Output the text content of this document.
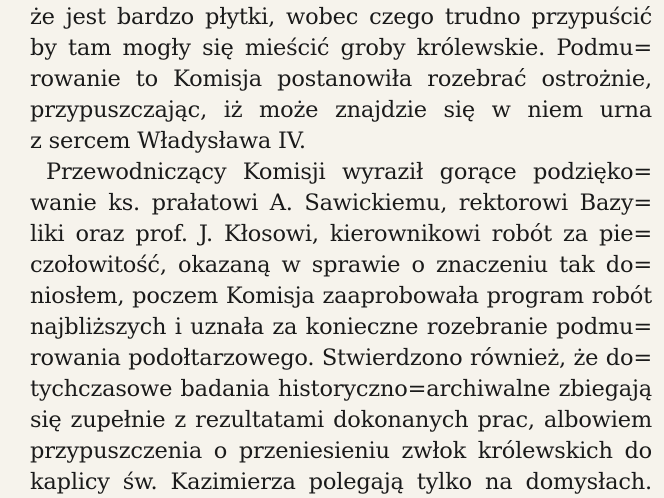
że jest bardzo płytki, wobec czego trudno przypuścić
by tam mogły się mieścić groby królewskie. Podmu=
rowanie to Komisja postanowiła rozebrać ostrożnie,
przypuszczając, iż może znajdzie się w niem urna
z sercem Władysława IV.
Przewodniczący Komisji wyraził gorące podzięko=
wanie ks. prałatowi A. Sawickiemu, rektorowi Bazy=
liki oraz prof. J. Kłosowi, kierownikowi robót za pie=
czołowitość, okazaną w sprawie o znaczeniu tak do=
niosłem, poczem Komisja zaaprobowała program robót
najbliższych i uznała za konieczne rozebranie podmu=
rowania podołtarzowego. Stwierdzono również, że do=
tychczasowe badania historyczno=archiwalne zbiegają
się zupełnie z rezultatami dokonanych prac, albowiem
przypuszczenia o przeniesieniu zwłok królewskich do
kaplicy św. Kazimierza polegają tylko na domysłach.
